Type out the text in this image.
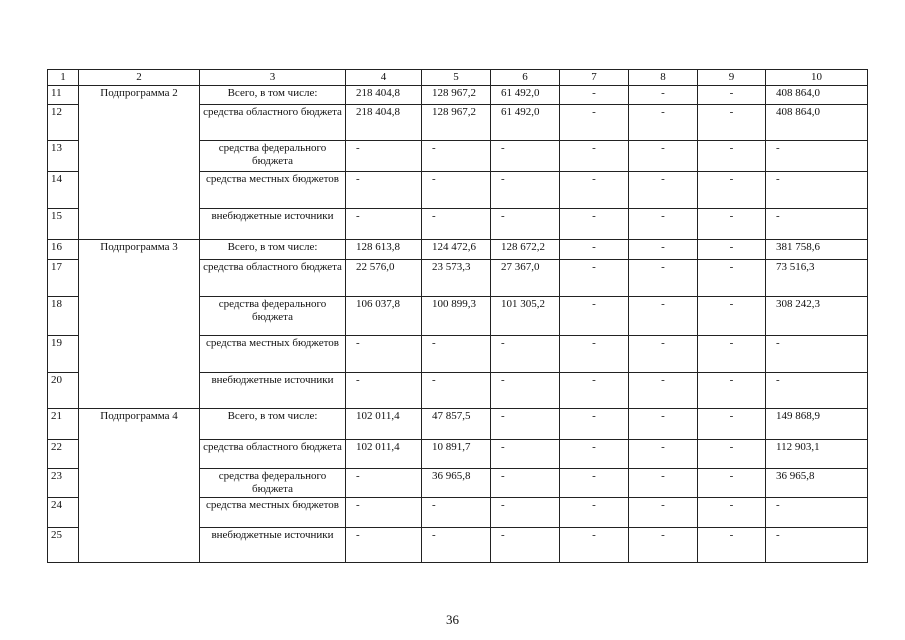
1	2	3	4	5	6	7	8	9	10
11	Подпрограмма 2	Всего, в том числе:	218 404,8	128 967,2	61 492,0	-	-	-	408 864,0
12		средства областного бюджета	218 404,8	128 967,2	61 492,0	-	-	-	408 864,0
13		средства федерального бюджета	-	-	-	-	-	-	-
14		средства местных бюджетов	-	-	-	-	-	-	-
15		внебюджетные источники	-	-	-	-	-	-	-
16	Подпрограмма 3	Всего, в том числе:	128 613,8	124 472,6	128 672,2	-	-	-	381 758,6
17		средства областного бюджета	22 576,0	23 573,3	27 367,0	-	-	-	73 516,3
18		средства федерального бюджета	106 037,8	100 899,3	101 305,2	-	-	-	308 242,3
19		средства местных бюджетов	-	-	-	-	-	-	-
20		внебюджетные источники	-	-	-	-	-	-	-
21	Подпрограмма 4	Всего, в том числе:	102 011,4	47 857,5	-	-	-	-	149 868,9
22		средства областного бюджета	102 011,4	10 891,7	-	-	-	-	112 903,1
23		средства федерального бюджета	-	36 965,8	-	-	-	-	36 965,8
24		средства местных бюджетов	-	-	-	-	-	-	-
25		внебюджетные источники	-	-	-	-	-	-	-
36
